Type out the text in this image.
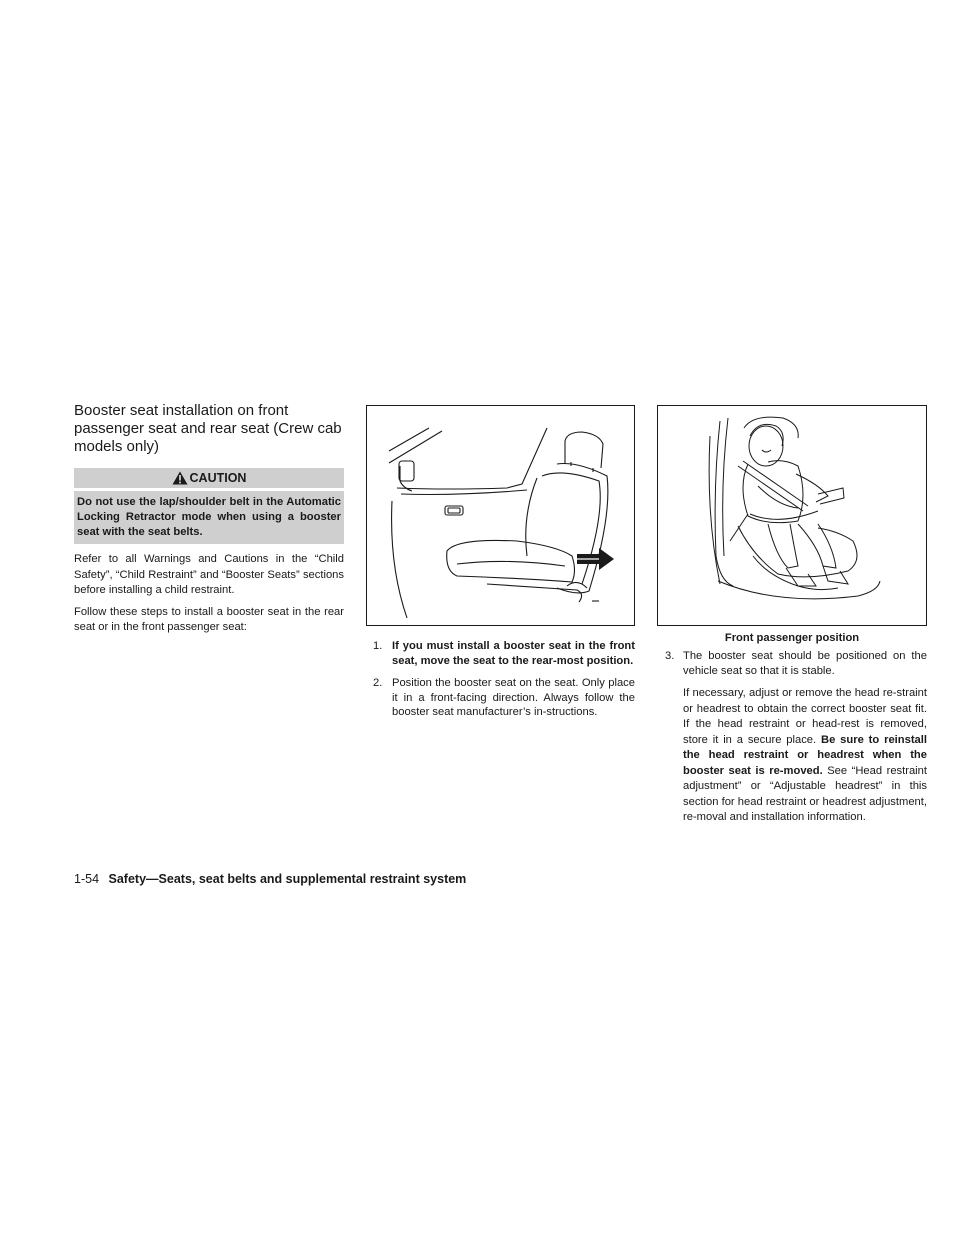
Booster seat installation on front passenger seat and rear seat (Crew cab models only)
CAUTION
Do not use the lap/shoulder belt in the Automatic Locking Retractor mode when using a booster seat with the seat belts.

Refer to all Warnings and Cautions in the “Child Safety”, “Child Restraint” and “Booster Seats” sections before installing a child restraint.

Follow these steps to install a booster seat in the rear seat or in the front passenger seat:

1. If you must install a booster seat in the front seat, move the seat to the rear-most position.
2. Position the booster seat on the seat. Only place it in a front-facing direction. Always follow the booster seat manufacturer’s in-structions.
Front passenger position
3. The booster seat should be positioned on the vehicle seat so that it is stable.

If necessary, adjust or remove the head re-straint or headrest to obtain the correct booster seat fit. If the head restraint or head-rest is removed, store it in a secure place. Be sure to reinstall the head restraint or headrest when the booster seat is re-moved. See “Head restraint adjustment” or “Adjustable headrest” in this section for head restraint or headrest adjustment, re-moval and installation information.

1-54 Safety—Seats, seat belts and supplemental restraint system
